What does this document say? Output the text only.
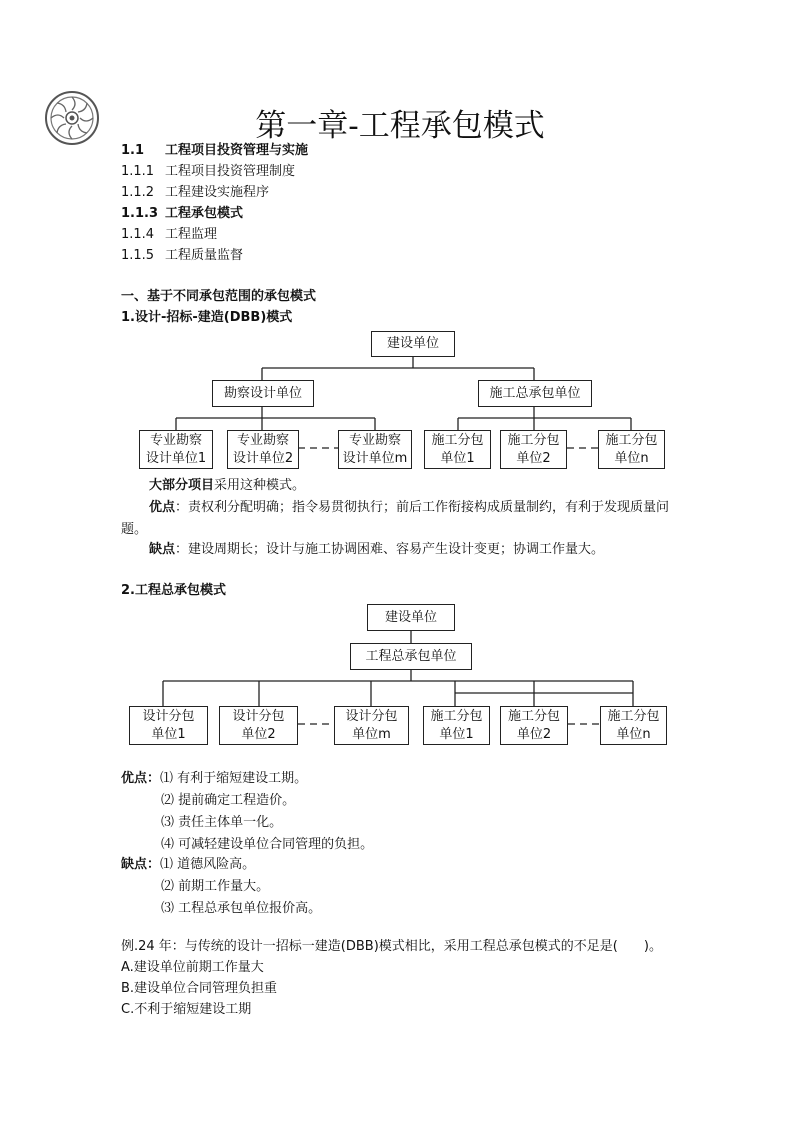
第一章-工程承包模式
1.1 工程项目投资管理与实施
1.1.1 工程项目投资管理制度
1.1.2 工程建设实施程序
1.1.3 工程承包模式
1.1.4 工程监理
1.1.5 工程质量监督
一、基于不同承包范围的承包模式
1.设计-招标-建造(DBB)模式
建设单位
勘察设计单位	施工总承包单位
专业勘察
设计单位1
专业勘察
设计单位2
专业勘察
设计单位m
施工分包
单位1
施工分包
单位2
施工分包
单位n
大部分项目采用这种模式。
优点：责权利分配明确；指令易贯彻执行；前后工作衔接构成质量制约，有利于发现质量问题。
缺点：建设周期长；设计与施工协调困难、容易产生设计变更；协调工作量大。
2.工程总承包模式
建设单位
工程总承包单位
设计分包
单位1
设计分包
单位2
设计分包
单位m
施工分包
单位1
施工分包
单位2
施工分包
单位n
优点：⑴ 有利于缩短建设工期。
⑵ 提前确定工程造价。
⑶ 责任主体单一化。
⑷ 可减轻建设单位合同管理的负担。
缺点：⑴ 道德风险高。
⑵ 前期工作量大。
⑶ 工程总承包单位报价高。
例.24 年：与传统的设计一招标一建造(DBB)模式相比，采用工程总承包模式的不足是(　　)。
A.建设单位前期工作量大
B.建设单位合同管理负担重
C.不利于缩短建设工期
